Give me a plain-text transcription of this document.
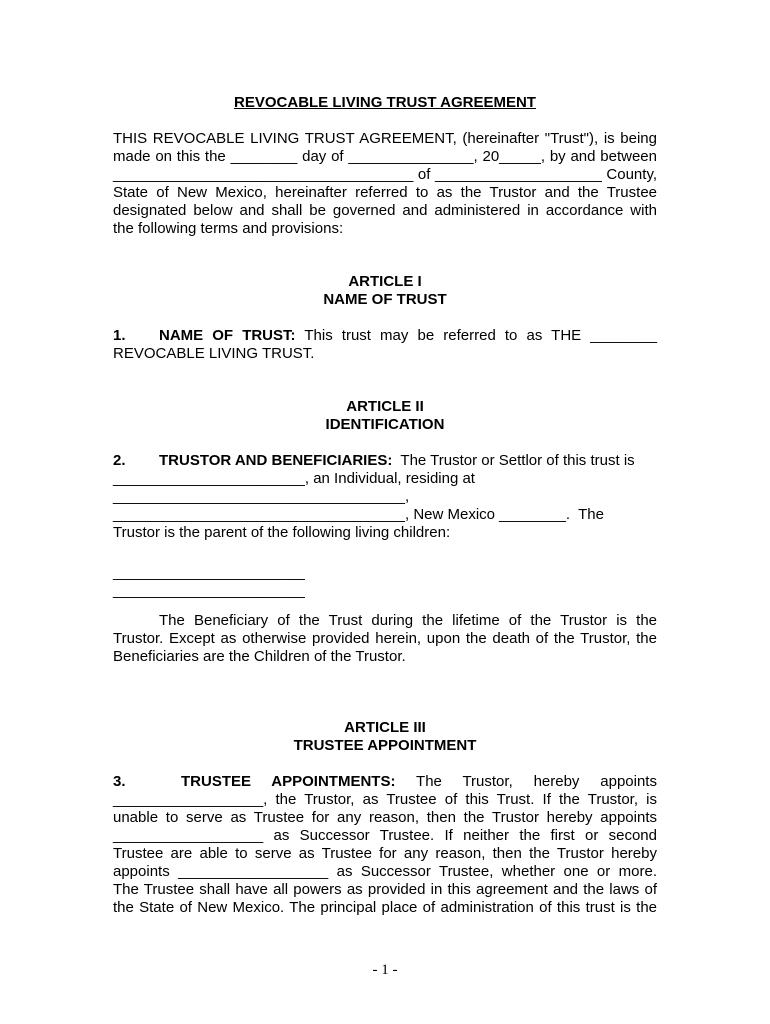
REVOCABLE LIVING TRUST AGREEMENT

THIS REVOCABLE LIVING TRUST AGREEMENT, (hereinafter "Trust"), is being

made on this the ________ day of _______________, 20_____, by and between

____________________________________ of ____________________ County,

State of New Mexico, hereinafter referred to as the Trustor and the Trustee

designated below and shall be governed and administered in accordance with

the following terms and provisions:

ARTICLE I

NAME OF TRUST

1. NAME OF TRUST: This trust may be referred to as THE ________

REVOCABLE LIVING TRUST.

ARTICLE II

IDENTIFICATION

2. TRUSTOR AND BENEFICIARIES:  The Trustor or Settlor of this trust is

_______________________, an Individual, residing at

___________________________________,

___________________________________, New Mexico ________.  The

Trustor is the parent of the following living children:

_______________________

_______________________

The Beneficiary of the Trust during the lifetime of the Trustor is the

Trustor. Except as otherwise provided herein, upon the death of the Trustor, the

Beneficiaries are the Children of the Trustor.

ARTICLE III

TRUSTEE APPOINTMENT

3.	TRUSTEE APPOINTMENTS: The Trustor, hereby appoints

__________________, the Trustor, as Trustee of this Trust. If the Trustor, is

unable to serve as Trustee for any reason, then the Trustor hereby appoints

__________________ as Successor Trustee. If neither the first or second

Trustee are able to serve as Trustee for any reason, then the Trustor hereby

appoints __________________ as Successor Trustee, whether one or more.

The Trustee shall have all powers as provided in this agreement and the laws of

the State of New Mexico. The principal place of administration of this trust is the

- 1 -
